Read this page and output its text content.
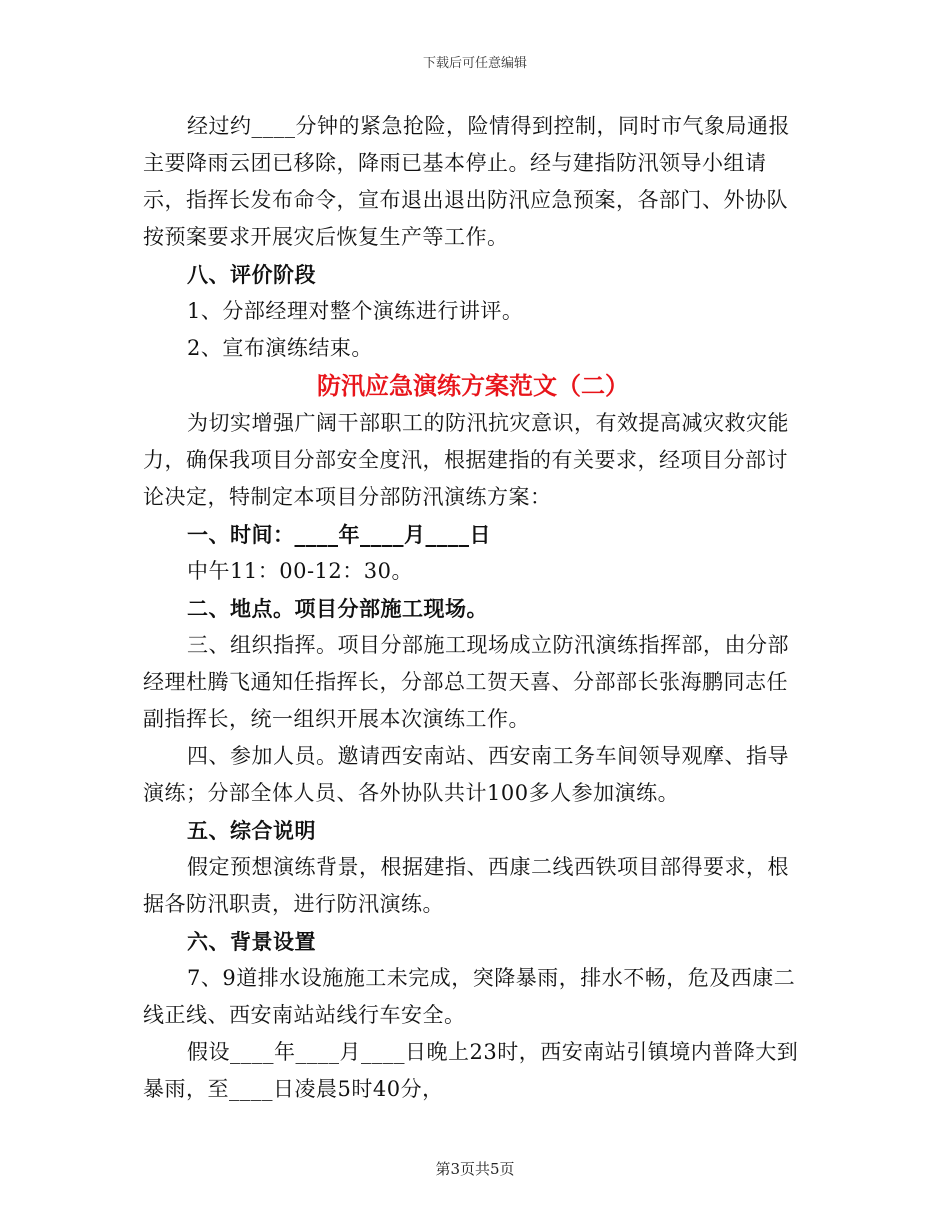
下载后可任意编辑

经过约____分钟的紧急抢险，险情得到控制，同时市气象局通报主要降雨云团已移除，降雨已基本停止。经与建指防汛领导小组请示，指挥长发布命令，宣布退出退出防汛应急预案，各部门、外协队按预案要求开展灾后恢复生产等工作。

八、评价阶段

1、分部经理对整个演练进行讲评。

2、宣布演练结束。

防汛应急演练方案范文（二）

为切实增强广阔干部职工的防汛抗灾意识，有效提高减灾救灾能力，确保我项目分部安全度汛，根据建指的有关要求，经项目分部讨论决定，特制定本项目分部防汛演练方案：

一、时间：____年____月____日

中午11：00-12：30。

二、地点。项目分部施工现场。

三、组织指挥。项目分部施工现场成立防汛演练指挥部，由分部经理杜腾飞通知任指挥长，分部总工贺天喜、分部部长张海鹏同志任副指挥长，统一组织开展本次演练工作。

四、参加人员。邀请西安南站、西安南工务车间领导观摩、指导演练；分部全体人员、各外协队共计100多人参加演练。

五、综合说明

假定预想演练背景，根据建指、西康二线西铁项目部得要求，根据各防汛职责，进行防汛演练。

六、背景设置

7、9道排水设施施工未完成，突降暴雨，排水不畅，危及西康二线正线、西安南站站线行车安全。

假设____年____月____日晚上23时，西安南站引镇境内普降大到暴雨，至____日凌晨5时40分，

第3页共5页
